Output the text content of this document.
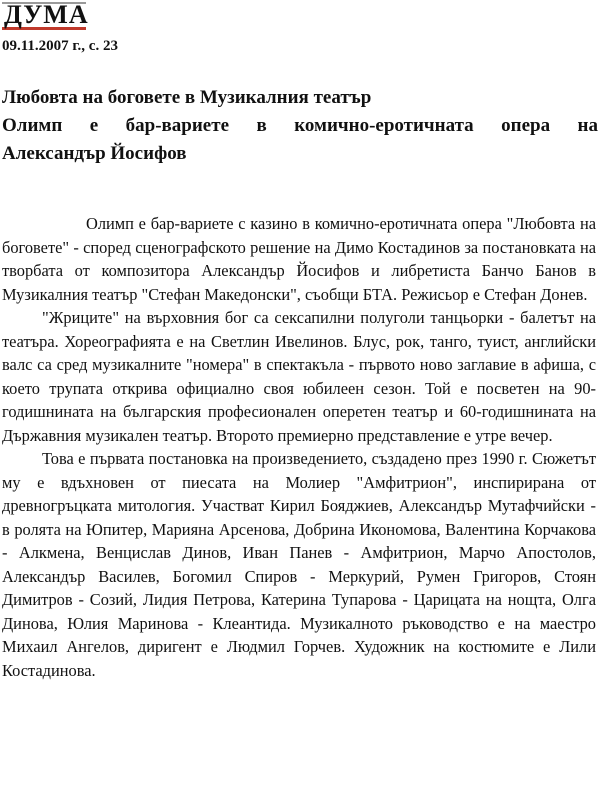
ДУМА
09.11.2007 г., с. 23
Любовта на боговете в Музикалния театър
Олимп е бар-вариете в комично-еротичната опера на
Александър Йосифов

Олимп е бар-вариете с казино в комично-еротичната опера "Любовта на боговете" - според сценографското решение на Димо Костадинов за постановката на творбата от композитора Александър Йосифов и либретиста Банчо Банов в Музикалния театър "Стефан Македонски", съобщи БТА. Режисьор е Стефан Донев.

"Жриците" на върховния бог са сексапилни полуголи танцьорки - балетът на театъра. Хореографията е на Светлин Ивелинов. Блус, рок, танго, туист, английски валс са сред музикалните "номера" в спектакъла - първото ново заглавие в афиша, с което трупата открива официално своя юбилеен сезон. Той е посветен на 90-годишнината на българския професионален оперетен театър и 60-годишнината на Държавния музикален театър. Второто премиерно представление е утре вечер.

Това е първата постановка на произведението, създадено през 1990 г. Сюжетът му е вдъхновен от пиесата на Молиер "Амфитрион", инспирирана от древногръцката митология. Участват Кирил Бояджиев, Александър Мутафчийски - в ролята на Юпитер, Марияна Арсенова, Добрина Икономова, Валентина Корчакова - Алкмена, Венцислав Динов, Иван Панев - Амфитрион, Марчо Апостолов, Александър Василев, Богомил Спиров - Меркурий, Румен Григоров, Стоян Димитров - Созий, Лидия Петрова, Катерина Тупарова - Царицата на нощта, Олга Динова, Юлия Маринова - Клеантида. Музикалното ръководство е на маестро Михаил Ангелов, диригент е Людмил Горчев. Художник на костюмите е Лили Костадинова.
